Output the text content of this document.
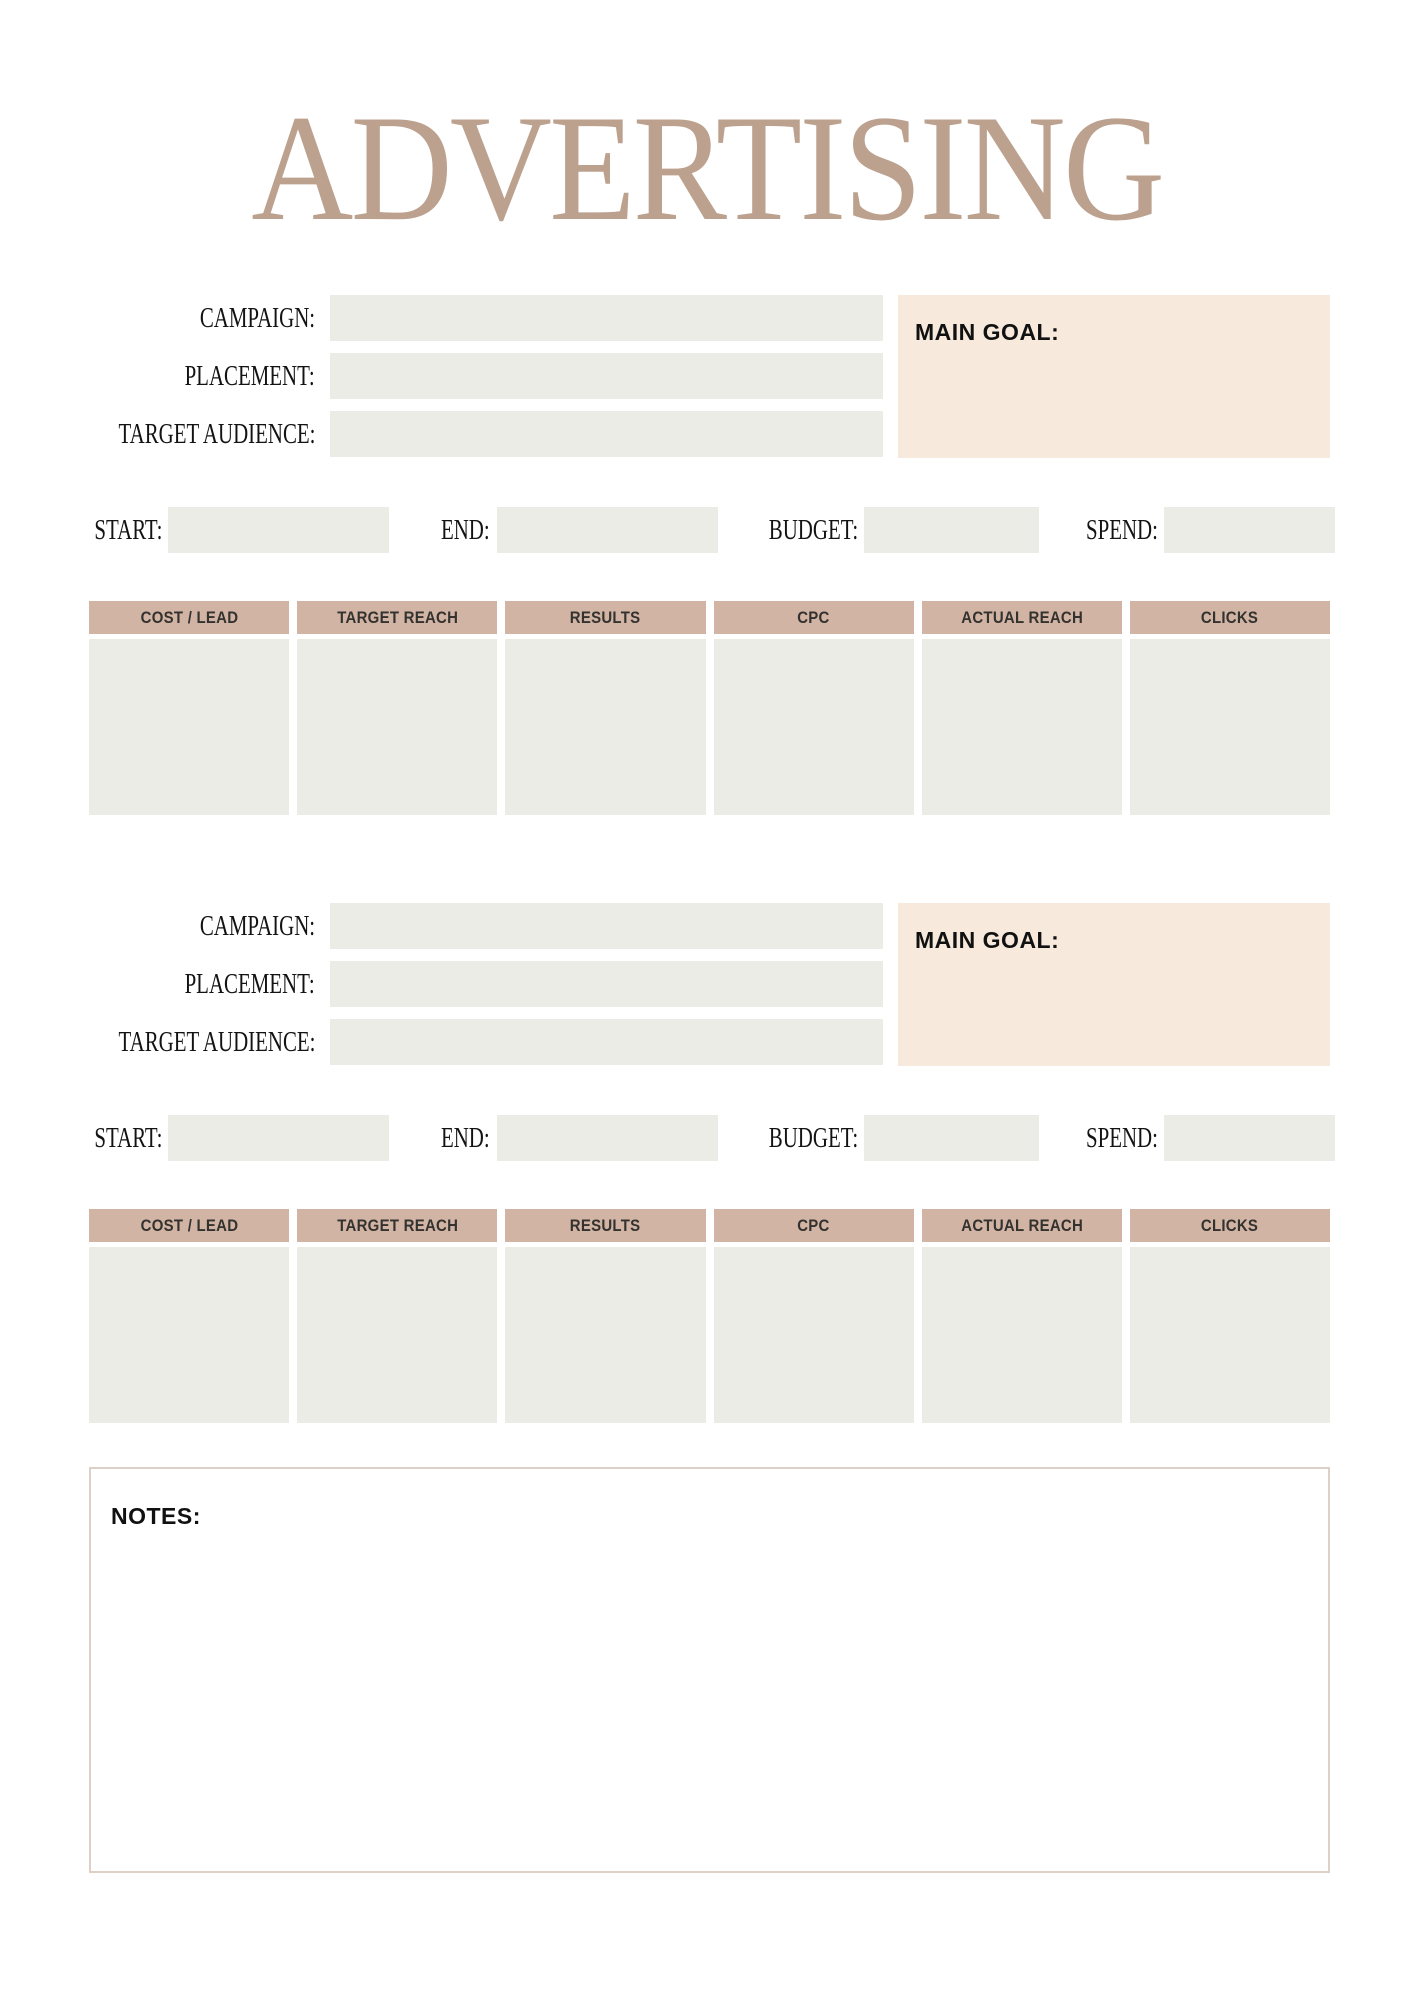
ADVERTISING
CAMPAIGN:
PLACEMENT:
TARGET AUDIENCE:
MAIN GOAL:
START:	END:	BUDGET:	SPEND:
COST / LEAD	TARGET REACH	RESULTS	CPC	ACTUAL REACH	CLICKS
CAMPAIGN:
PLACEMENT:
TARGET AUDIENCE:
MAIN GOAL:
START:	END:	BUDGET:	SPEND:
COST / LEAD	TARGET REACH	RESULTS	CPC	ACTUAL REACH	CLICKS
NOTES:
